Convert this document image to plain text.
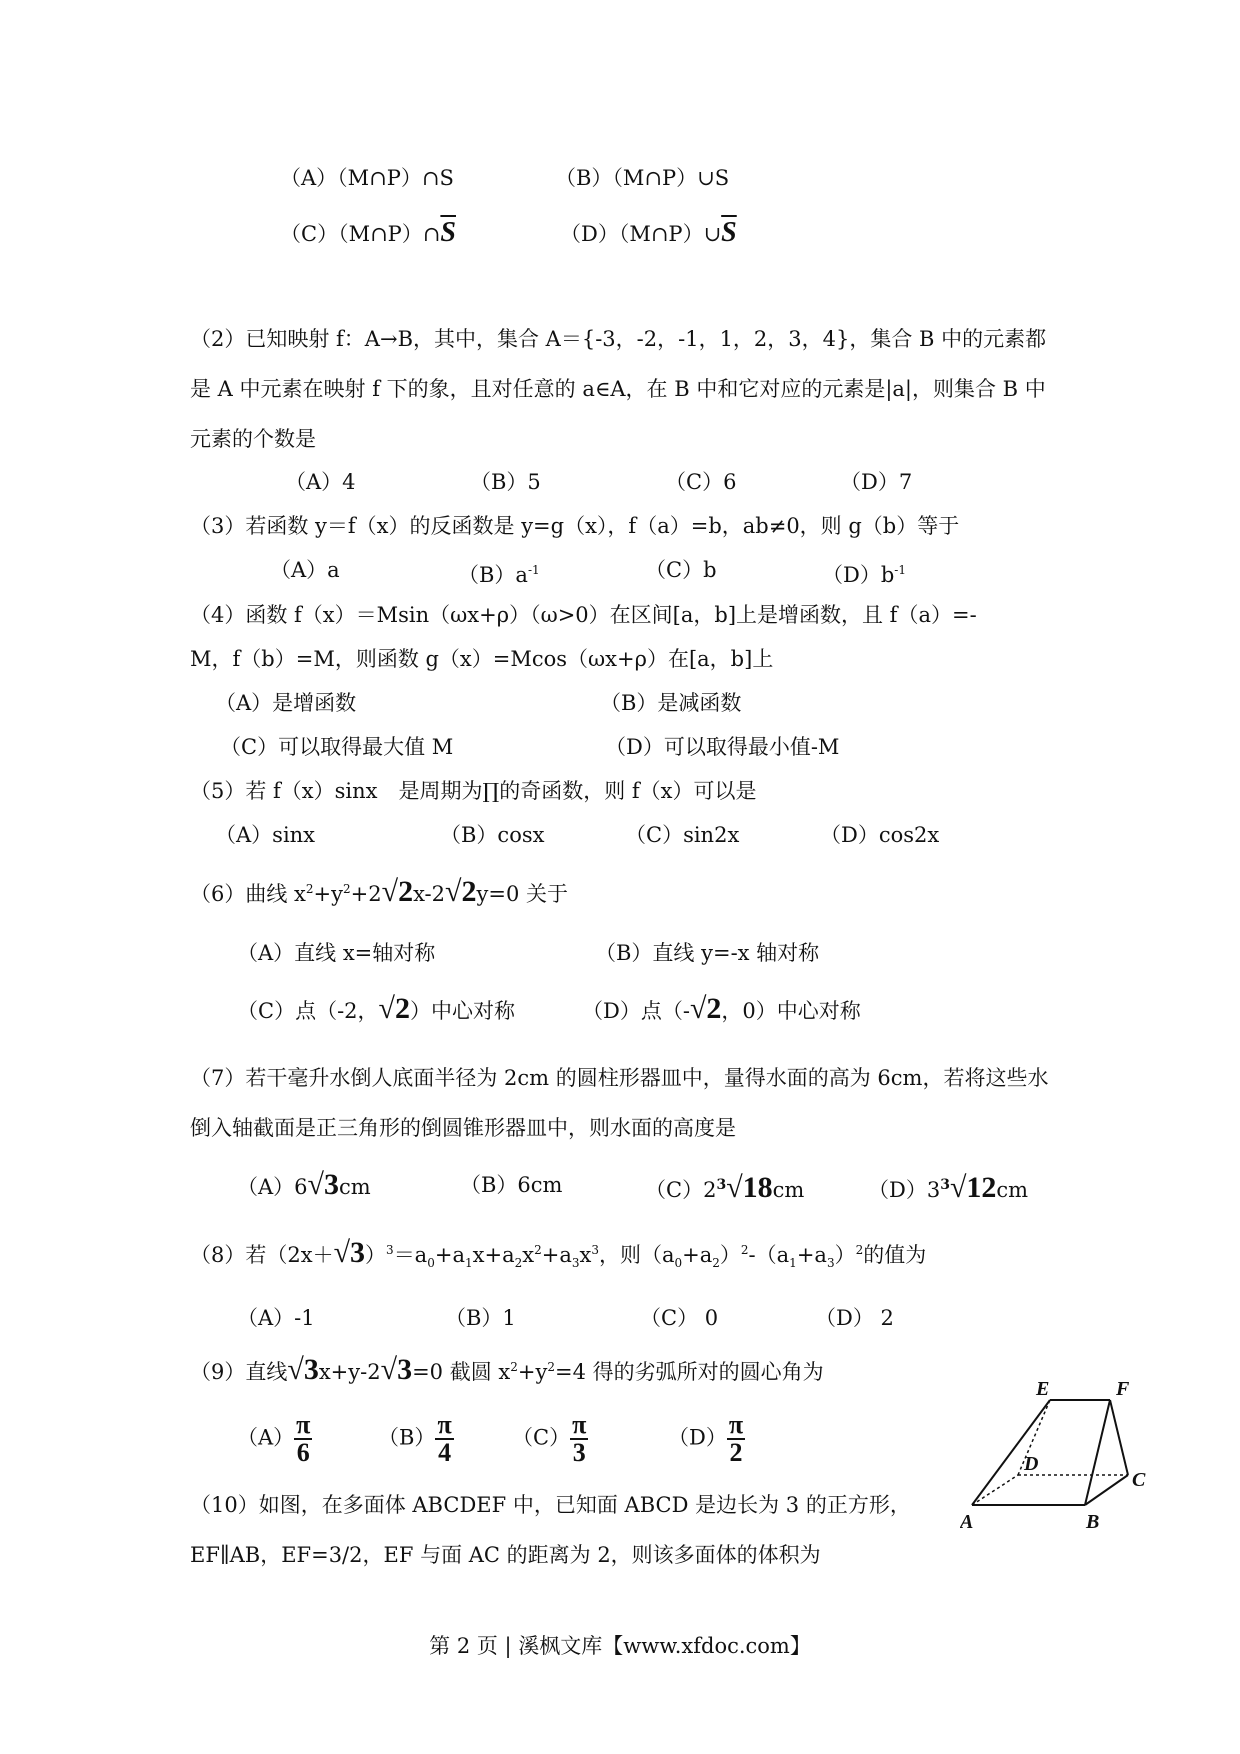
（A）（M∩P）∩S	（B）（M∩P）∪S
$(C)(M\cap P)\cap\overline{S}$	$(D)(M\cap P)\cup\overline{S}$
（2）已知映射 f：A→B，其中，集合 A＝{-3，-2，-1，1，2，3，4}，集合 B 中的元素都
是 A 中元素在映射 f 下的象，且对任意的 a∈A，在 B 中和它对应的元素是|a|，则集合 B 中
元素的个数是
（A）4	（B）5	（C）6	（D）7
（3）若函数 y＝f（x）的反函数是 y=g（x），f（a）=b，ab≠0，则 g（b）等于
（A）a	$(B)a^{-1}$	（C）b	$(D)b^{-1}$
（4）函数 f（x）＝Msin（ωx+ρ）（ω>0）在区间[a，b]上是增函数，且 f（a）=-
M，f（b）=M，则函数 g（x）=Mcos（ωx+ρ）在[a，b]上
（A）是增函数	（B）是减函数
（C）可以取得最大值 M	（D）可以取得最小值-M
（5）若 f（x）sinx　是周期为∏的奇函数，则 f（x）可以是
（A）sinx	（B）cosx	（C）sin2x	（D）cos2x
（6）曲线 $x^2+y^2+2√2x-2√2y=0$ 关于
（A）直线 x=轴对称	（B）直线 y=-x 轴对称
（C）点（-2，√2）中心对称	（D）点（-√2，0）中心对称
（7）若干毫升水倒人底面半径为 2cm 的圆柱形器皿中，量得水面的高为 6cm，若将这些水
倒入轴截面是正三角形的倒圆锥形器皿中，则水面的高度是
（A）6√3cm	（B）6cm	$(C)2^3√18cm$	$(D)3^3√12cm$
（8）若$(2x+√3)^3=a_0+a_1x+a_2x^2+a_3x^3$，则$(a_0+a_2)^2-(a_1+a_3)^2$的值为
（A）-1	（B）1	（C） 0	（D） 2
（9）直线√3x+y-2√3=0 截圆 $x^2+y^2=4$ 得的劣弧所对的圆心角为
$(A) \frac{\pi}{6}$	$(B) \frac{\pi}{4}$	$(C) \frac{\pi}{3}$	$(D) \frac{\pi}{2}$
（10）如图，在多面体 ABCDEF 中，已知面 ABCD 是边长为 3 的正方形，
EF∥AB，EF=3/2，EF 与面 AC 的距离为 2，则该多面体的体积为
E	F
D
C
A	B
第 2 页 | 溪枫文库【www.xfdoc.com】
